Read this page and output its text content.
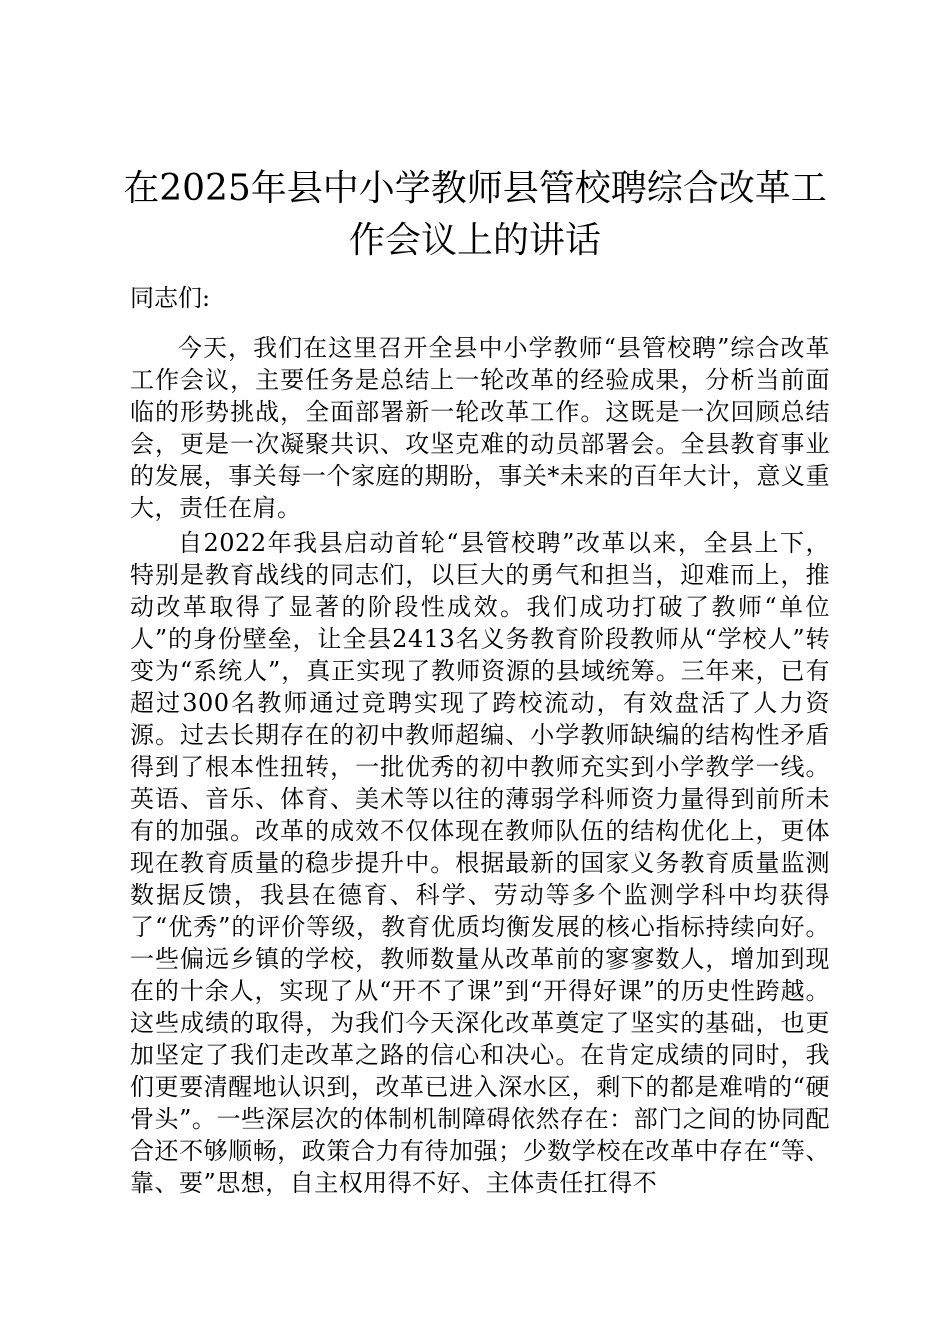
在2025年县中小学教师县管校聘综合改革工作会议上的讲话

同志们:

今天，我们在这里召开全县中小学教师“县管校聘”综合改革工作会议，主要任务是总结上一轮改革的经验成果，分析当前面临的形势挑战，全面部署新一轮改革工作。这既是一次回顾总结会，更是一次凝聚共识、攻坚克难的动员部署会。全县教育事业的发展，事关每一个家庭的期盼，事关*未来的百年大计，意义重大，责任在肩。

自2022年我县启动首轮“县管校聘”改革以来，全县上下，特别是教育战线的同志们，以巨大的勇气和担当，迎难而上，推动改革取得了显著的阶段性成效。我们成功打破了教师“单位人”的身份壁垒，让全县2413名义务教育阶段教师从“学校人”转变为“系统人”，真正实现了教师资源的县域统筹。三年来，已有超过300名教师通过竞聘实现了跨校流动，有效盘活了人力资源。过去长期存在的初中教师超编、小学教师缺编的结构性矛盾得到了根本性扭转，一批优秀的初中教师充实到小学教学一线。英语、音乐、体育、美术等以往的薄弱学科师资力量得到前所未有的加强。改革的成效不仅体现在教师队伍的结构优化上，更体现在教育质量的稳步提升中。根据最新的国家义务教育质量监测数据反馈，我县在德育、科学、劳动等多个监测学科中均获得了“优秀”的评价等级，教育优质均衡发展的核心指标持续向好。一些偏远乡镇的学校，教师数量从改革前的寥寥数人，增加到现在的十余人，实现了从“开不了课”到“开得好课”的历史性跨越。这些成绩的取得，为我们今天深化改革奠定了坚实的基础，也更加坚定了我们走改革之路的信心和决心。在肯定成绩的同时，我们更要清醒地认识到，改革已进入深水区，剩下的都是难啃的“硬骨头”。一些深层次的体制机制障碍依然存在：部门之间的协同配合还不够顺畅，政策合力有待加强；少数学校在改革中存在“等、靠、要”思想，自主权用得不好、主体责任扛得不
